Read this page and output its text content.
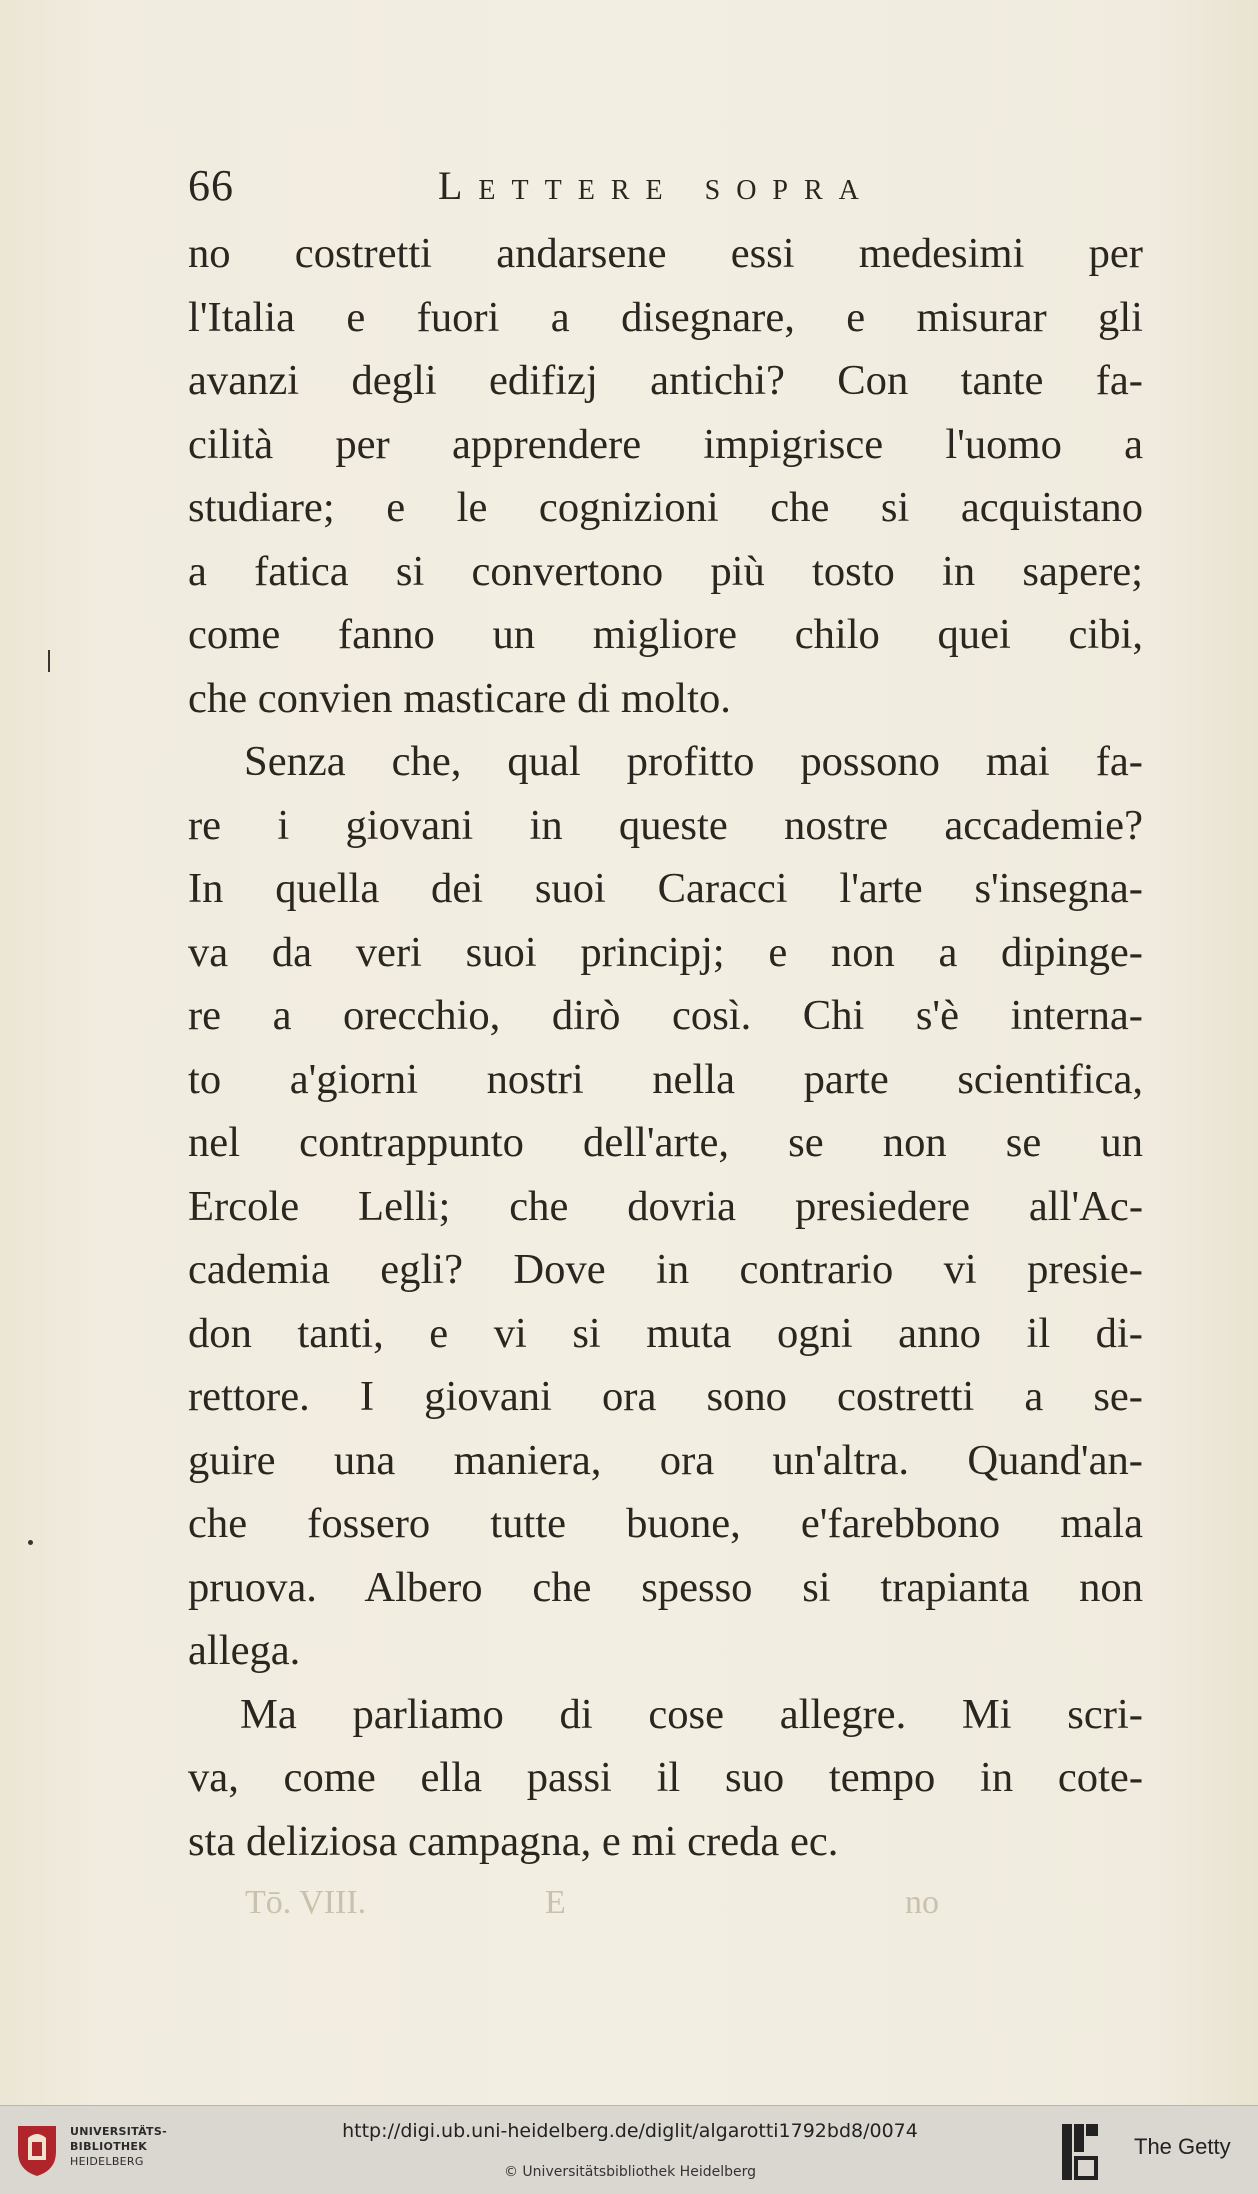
66	Lettere sopra
no costretti andarsene essi medesimi per
l'Italia e fuori a disegnare, e misurar gli
avanzi degli edifizj antichi? Con tante fa-
cilità per apprendere impigrisce l'uomo a
studiare; e le cognizioni che si acquistano
a fatica si convertono più tosto in sapere;
come fanno un migliore chilo quei cibi,
che convien masticare di molto.
Senza che, qual profitto possono mai fa-
re i giovani in queste nostre accademie?
In quella dei suoi Caracci l'arte s'insegna-
va da veri suoi principj; e non a dipinge-
re a orecchio, dirò così. Chi s'è interna-
to a'giorni nostri nella parte scientifica,
nel contrappunto dell'arte, se non se un
Ercole Lelli; che dovria presiedere all'Ac-
cademia egli? Dove in contrario vi presie-
don tanti, e vi si muta ogni anno il di-
rettore. I giovani ora sono costretti a se-
guire una maniera, ora un'altra. Quand'an-
che fossero tutte buone, e'farebbono mala
pruova. Albero che spesso si trapianta non
allega.
Ma parliamo di cose allegre. Mi scri-
va, come ella passi il suo tempo in cote-
sta deliziosa campagna, e mi creda ec.
Tō. VIII.	E	no
UNIVERSITÄTS-
BIBLIOTHEK
HEIDELBERG
http://digi.ub.uni-heidelberg.de/diglit/algarotti1792bd8/0074
© Universitätsbibliothek Heidelberg
The Getty
